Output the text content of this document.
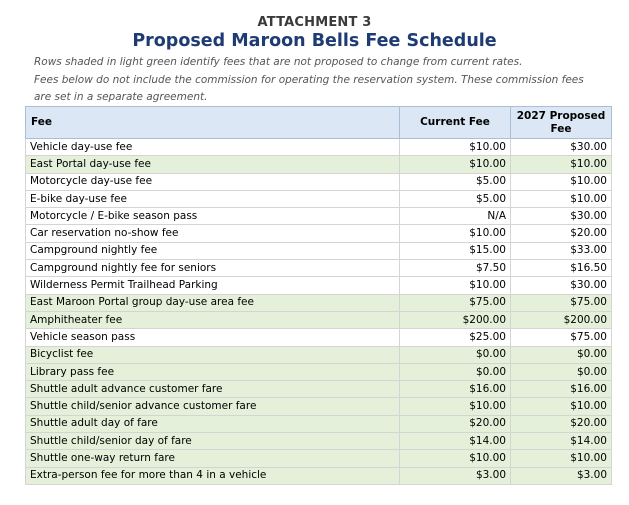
ATTACHMENT 3
Proposed Maroon Bells Fee Schedule

Rows shaded in light green identify fees that are not proposed to change from current rates.

Fees below do not include the commission for operating the reservation system. These commission fees are set in a separate agreement.

Fee	Current Fee	2027 Proposed Fee
Vehicle day-use fee	$10.00	$30.00
East Portal day-use fee	$10.00	$10.00
Motorcycle day-use fee	$5.00	$10.00
E-bike day-use fee	$5.00	$10.00
Motorcycle / E-bike season pass	N/A	$30.00
Car reservation no-show fee	$10.00	$20.00
Campground nightly fee	$15.00	$33.00
Campground nightly fee for seniors	$7.50	$16.50
Wilderness Permit Trailhead Parking	$10.00	$30.00
East Maroon Portal group day-use area fee	$75.00	$75.00
Amphitheater fee	$200.00	$200.00
Vehicle season pass	$25.00	$75.00
Bicyclist fee	$0.00	$0.00
Library pass fee	$0.00	$0.00
Shuttle adult advance customer fare	$16.00	$16.00
Shuttle child/senior advance customer fare	$10.00	$10.00
Shuttle adult day of fare	$20.00	$20.00
Shuttle child/senior day of fare	$14.00	$14.00
Shuttle one-way return fare	$10.00	$10.00
Extra-person fee for more than 4 in a vehicle	$3.00	$3.00
